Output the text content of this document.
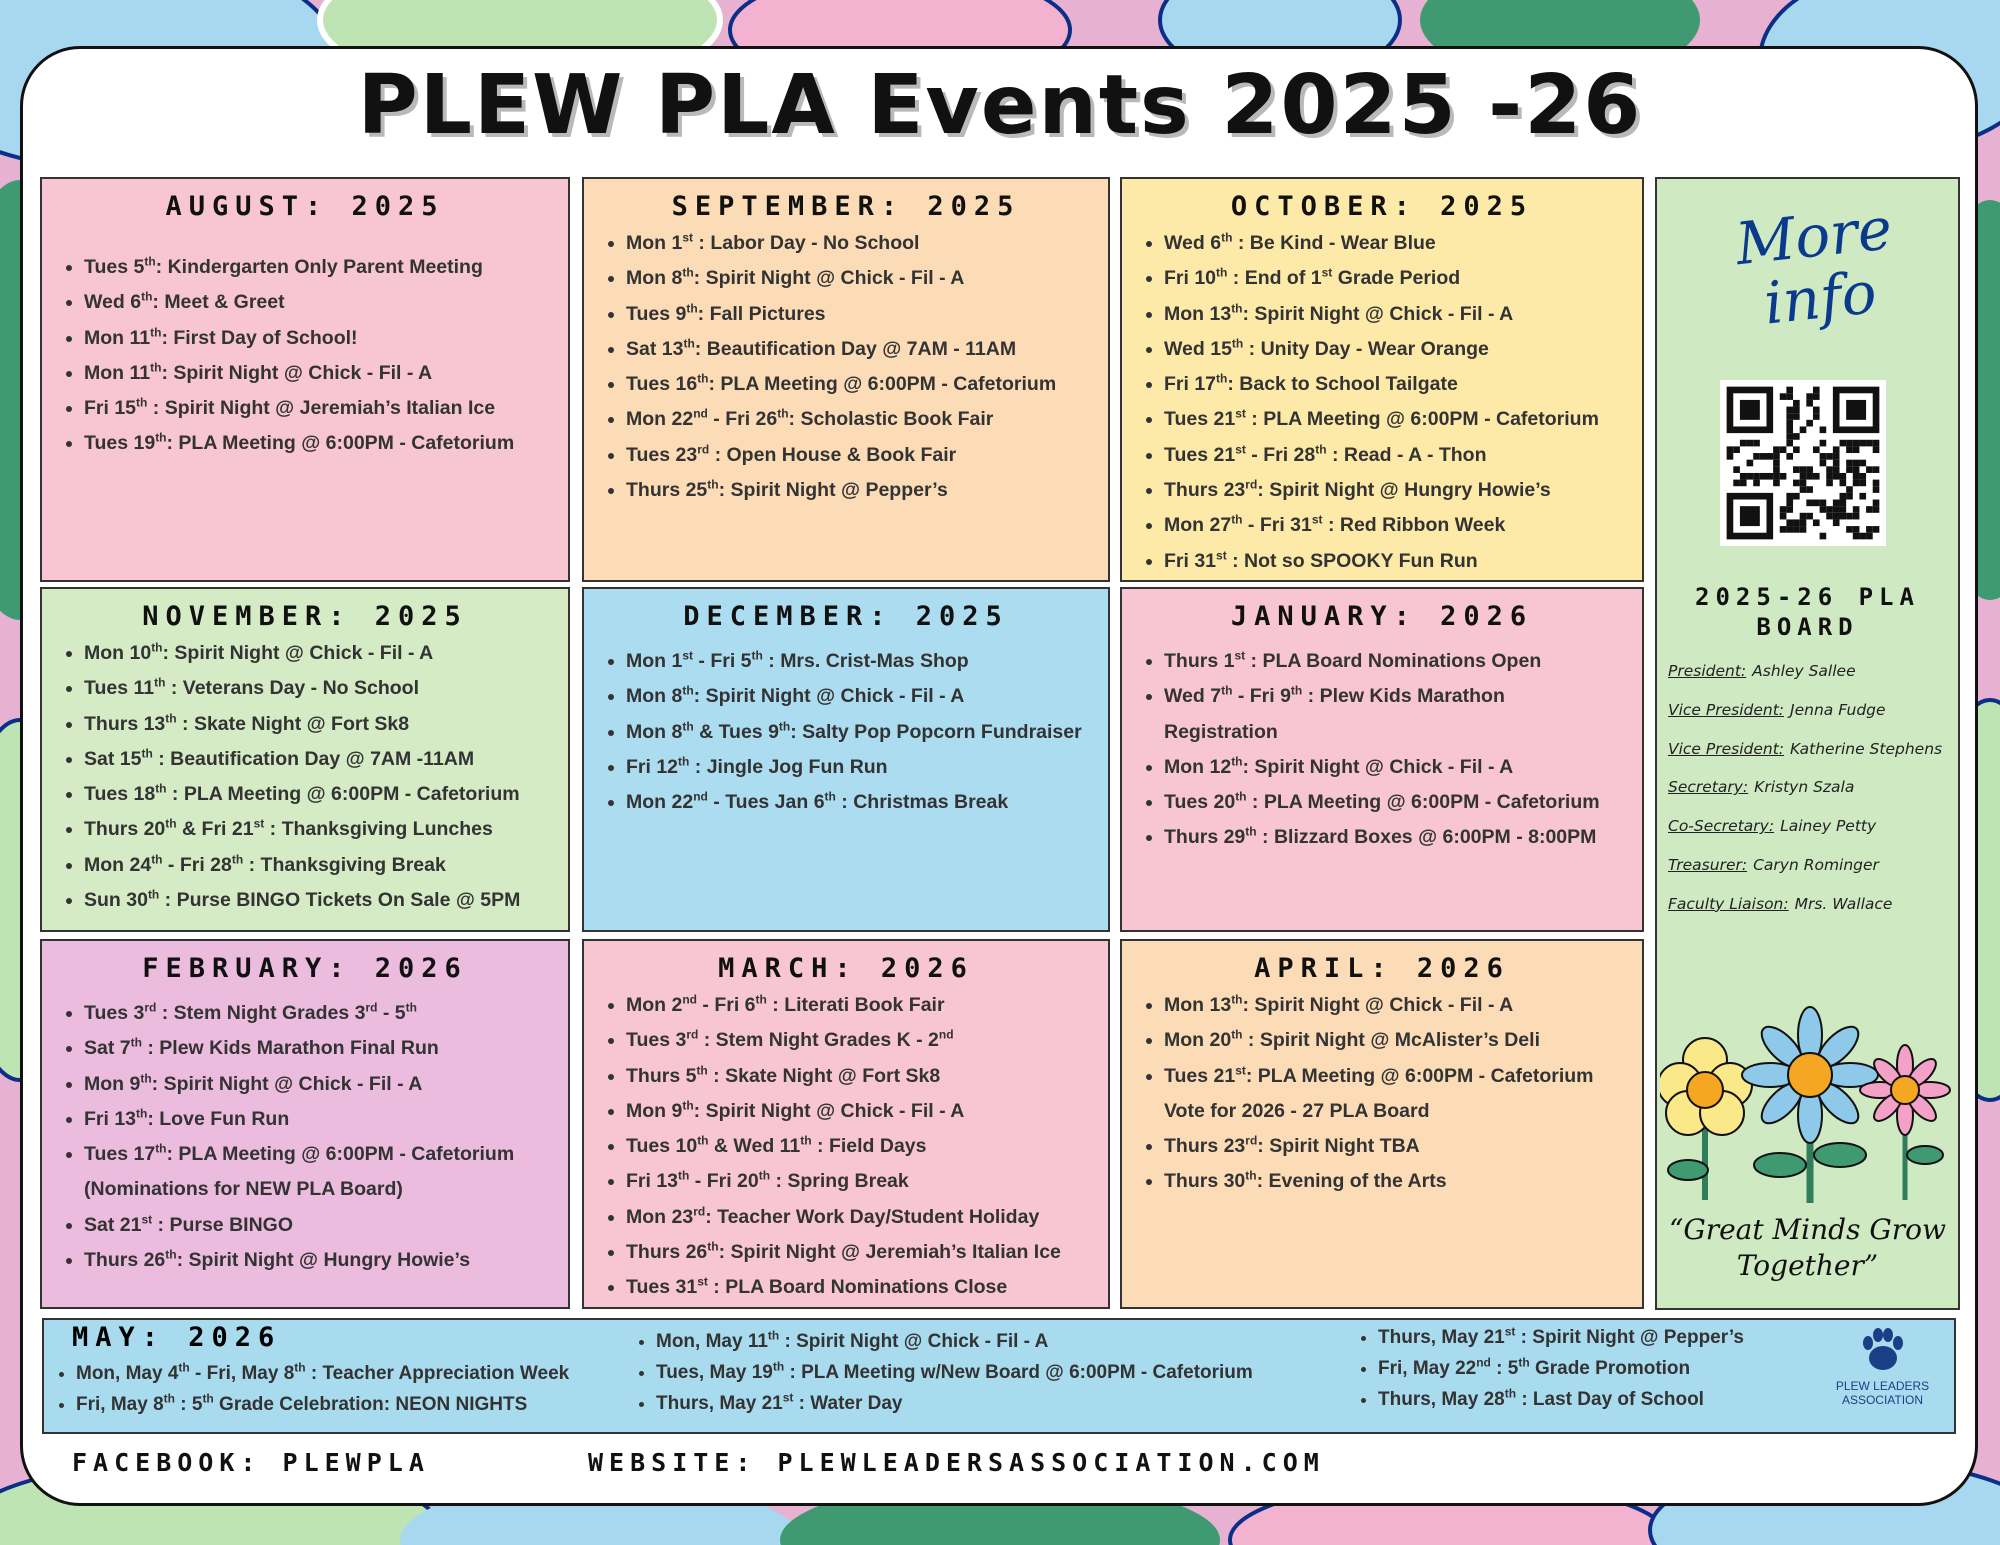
PLEW PLA Events 2025 -26
AUGUST: 2025
• Tues 5th: Kindergarten Only Parent Meeting
• Wed 6th: Meet & Greet
• Mon 11th: First Day of School!
• Mon 11th: Spirit Night @ Chick - Fil - A
• Fri 15th : Spirit Night @ Jeremiah’s Italian Ice
• Tues 19th: PLA Meeting @ 6:00PM - Cafetorium
SEPTEMBER: 2025
• Mon 1st : Labor Day - No School
• Mon 8th: Spirit Night @ Chick - Fil - A
• Tues 9th: Fall Pictures
• Sat 13th: Beautification Day @ 7AM - 11AM
• Tues 16th: PLA Meeting @ 6:00PM - Cafetorium
• Mon 22nd - Fri 26th: Scholastic Book Fair
• Tues 23rd : Open House & Book Fair
• Thurs 25th: Spirit Night @ Pepper’s
OCTOBER: 2025
• Wed 6th : Be Kind - Wear Blue
• Fri 10th : End of 1st Grade Period
• Mon 13th: Spirit Night @ Chick - Fil - A
• Wed 15th : Unity Day - Wear Orange
• Fri 17th: Back to School Tailgate
• Tues 21st : PLA Meeting @ 6:00PM - Cafetorium
• Tues 21st - Fri 28th : Read - A - Thon
• Thurs 23rd: Spirit Night @ Hungry Howie’s
• Mon 27th - Fri 31st : Red Ribbon Week
• Fri 31st : Not so SPOOKY Fun Run
NOVEMBER: 2025
• Mon 10th: Spirit Night @ Chick - Fil - A
• Tues 11th : Veterans Day - No School
• Thurs 13th : Skate Night @ Fort Sk8
• Sat 15th : Beautification Day @ 7AM -11AM
• Tues 18th : PLA Meeting @ 6:00PM - Cafetorium
• Thurs 20th & Fri 21st : Thanksgiving Lunches
• Mon 24th - Fri 28th : Thanksgiving Break
• Sun 30th : Purse BINGO Tickets On Sale @ 5PM
DECEMBER: 2025
• Mon 1st - Fri 5th : Mrs. Crist-Mas Shop
• Mon 8th: Spirit Night @ Chick - Fil - A
• Mon 8th & Tues 9th: Salty Pop Popcorn Fundraiser
• Fri 12th : Jingle Jog Fun Run
• Mon 22nd - Tues Jan 6th : Christmas Break
JANUARY: 2026
• Thurs 1st : PLA Board Nominations Open
• Wed 7th - Fri 9th : Plew Kids Marathon Registration
• Mon 12th: Spirit Night @ Chick - Fil - A
• Tues 20th : PLA Meeting @ 6:00PM - Cafetorium
• Thurs 29th : Blizzard Boxes @ 6:00PM - 8:00PM
FEBRUARY: 2026
• Tues 3rd : Stem Night Grades 3rd - 5th
• Sat 7th : Plew Kids Marathon Final Run
• Mon 9th: Spirit Night @ Chick - Fil - A
• Fri 13th: Love Fun Run
• Tues 17th: PLA Meeting @ 6:00PM - Cafetorium (Nominations for NEW PLA Board)
• Sat 21st : Purse BINGO
• Thurs 26th: Spirit Night @ Hungry Howie’s
MARCH: 2026
• Mon 2nd - Fri 6th : Literati Book Fair
• Tues 3rd : Stem Night Grades K - 2nd
• Thurs 5th : Skate Night @ Fort Sk8
• Mon 9th: Spirit Night @ Chick - Fil - A
• Tues 10th & Wed 11th : Field Days
• Fri 13th - Fri 20th : Spring Break
• Mon 23rd: Teacher Work Day/Student Holiday
• Thurs 26th: Spirit Night @ Jeremiah’s Italian Ice
• Tues 31st : PLA Board Nominations Close
APRIL: 2026
• Mon 13th: Spirit Night @ Chick - Fil - A
• Mon 20th : Spirit Night @ McAlister’s Deli
• Tues 21st: PLA Meeting @ 6:00PM - Cafetorium Vote for 2026 - 27 PLA Board
• Thurs 23rd: Spirit Night TBA
• Thurs 30th: Evening of the Arts
More info
2025-26 PLA BOARD
President: Ashley Sallee
Vice President: Jenna Fudge
Vice President: Katherine Stephens
Secretary: Kristyn Szala
Co-Secretary: Lainey Petty
Treasurer: Caryn Rominger
Faculty Liaison: Mrs. Wallace
“Great Minds Grow Together”
MAY: 2026
• Mon, May 4th - Fri, May 8th : Teacher Appreciation Week
• Fri, May 8th : 5th Grade Celebration: NEON NIGHTS
• Mon, May 11th : Spirit Night @ Chick - Fil - A
• Tues, May 19th : PLA Meeting w/New Board @ 6:00PM - Cafetorium
• Thurs, May 21st : Water Day
• Thurs, May 21st : Spirit Night @ Pepper’s
• Fri, May 22nd : 5th Grade Promotion
• Thurs, May 28th : Last Day of School
PLEW LEADERS
ASSOCIATION
FACEBOOK: PLEWPLA	WEBSITE: PLEWLEADERSASSOCIATION.COM
